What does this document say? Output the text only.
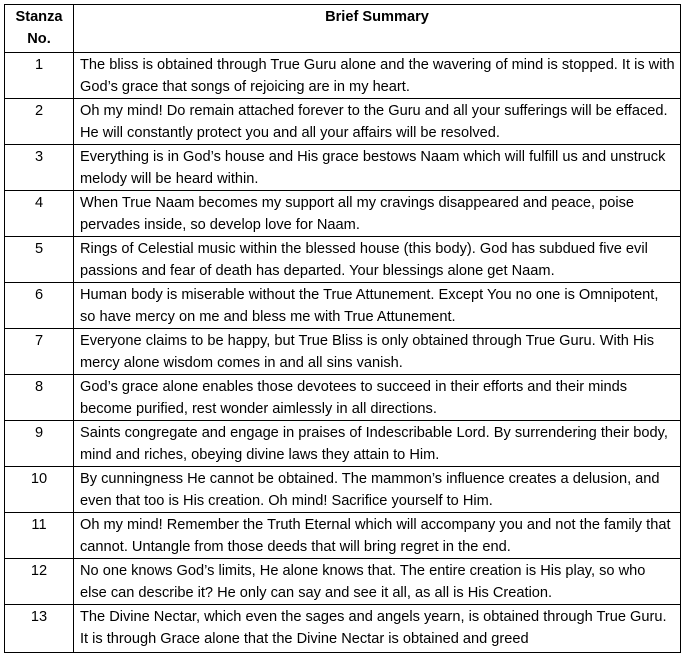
Stanza
No.	Brief Summary
1	The bliss is obtained through True Guru alone and the wavering of mind is stopped. It is with God’s grace that songs of rejoicing are in my heart.
2	Oh my mind! Do remain attached forever to the Guru and all your sufferings will be effaced. He will constantly protect you and all your affairs will be resolved.
3	Everything is in God’s house and His grace bestows Naam which will fulfill us and unstruck melody will be heard within.
4	When True Naam becomes my support all my cravings disappeared and peace, poise pervades inside, so develop love for Naam.
5	Rings of Celestial music within the blessed house (this body). God has subdued five evil passions and fear of death has departed. Your blessings alone get Naam.
6	Human body is miserable without the True Attunement. Except You no one is Omnipotent, so have mercy on me and bless me with True Attunement.
7	Everyone claims to be happy, but True Bliss is only obtained through True Guru. With His mercy alone wisdom comes in and all sins vanish.
8	God’s grace alone enables those devotees to succeed in their efforts and their minds become purified, rest wonder aimlessly in all directions.
9	Saints congregate and engage in praises of Indescribable Lord. By surrendering their body, mind and riches, obeying divine laws they attain to Him.
10	By cunningness He cannot be obtained. The mammon’s influence creates a delusion, and even that too is His creation. Oh mind! Sacrifice yourself to Him.
11	Oh my mind! Remember the Truth Eternal which will accompany you and not the family that cannot. Untangle from those deeds that will bring regret in the end.
12	No one knows God’s limits, He alone knows that. The entire creation is His play, so who else can describe it? He only can say and see it all, as all is His Creation.
13	The Divine Nectar, which even the sages and angels yearn, is obtained through True Guru. It is through Grace alone that the Divine Nectar is obtained and greed
